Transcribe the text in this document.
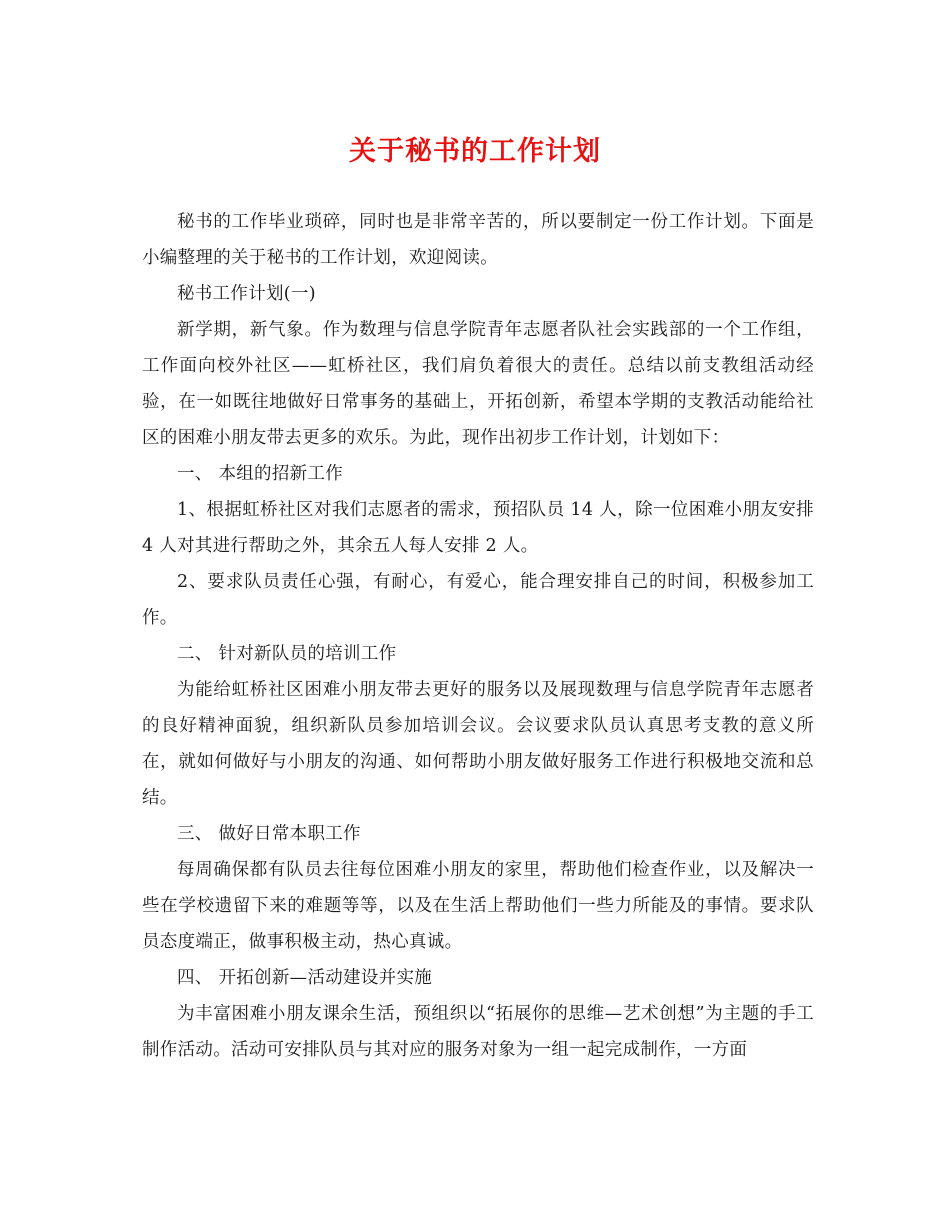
关于秘书的工作计划

秘书的工作毕业琐碎，同时也是非常辛苦的，所以要制定一份工作计划。下面是小编整理的关于秘书的工作计划，欢迎阅读。

秘书工作计划(一)

新学期，新气象。作为数理与信息学院青年志愿者队社会实践部的一个工作组，工作面向校外社区——虹桥社区，我们肩负着很大的责任。总结以前支教组活动经验，在一如既往地做好日常事务的基础上，开拓创新，希望本学期的支教活动能给社区的困难小朋友带去更多的欢乐。为此，现作出初步工作计划，计划如下：

一、 本组的招新工作

1、根据虹桥社区对我们志愿者的需求，预招队员 14 人，除一位困难小朋友安排 4 人对其进行帮助之外，其余五人每人安排 2 人。

2、要求队员责任心强，有耐心，有爱心，能合理安排自己的时间，积极参加工作。

二、 针对新队员的培训工作

为能给虹桥社区困难小朋友带去更好的服务以及展现数理与信息学院青年志愿者的良好精神面貌，组织新队员参加培训会议。会议要求队员认真思考支教的意义所在，就如何做好与小朋友的沟通、如何帮助小朋友做好服务工作进行积极地交流和总结。

三、 做好日常本职工作

每周确保都有队员去往每位困难小朋友的家里，帮助他们检查作业，以及解决一些在学校遗留下来的难题等等，以及在生活上帮助他们一些力所能及的事情。要求队员态度端正，做事积极主动，热心真诚。

四、 开拓创新—活动建设并实施

为丰富困难小朋友课余生活，预组织以“拓展你的思维—艺术创想”为主题的手工制作活动。活动可安排队员与其对应的服务对象为一组一起完成制作，一方面
